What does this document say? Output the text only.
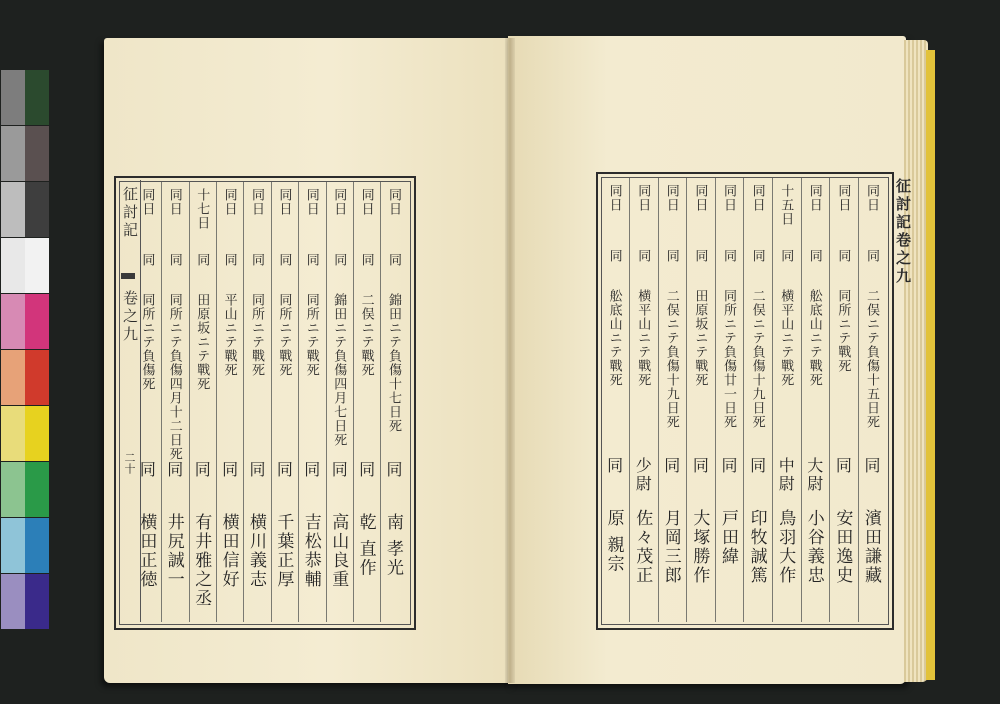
征討記
卷之九
二十
同日
同
錦田ニテ負傷十七日死
同
南 孝光
同日
同
二俣ニテ戰死
同
乾 直作
同日
同
錦田ニテ負傷四月七日死
同
高山良重
同日
同
同所ニテ戰死
同
吉松恭輔
同日
同
同所ニテ戰死
同
千葉正厚
同日
同
同所ニテ戰死
同
横川義志
同日
同
平山ニテ戰死
同
横田信好
十七日
同
田原坂ニテ戰死
同
有井雅之丞
同日
同
同所ニテ負傷四月十二日死
同
井尻誠一
同日
同
同所ニテ負傷死
同
横田正徳
征討記卷之九
同日
同
二俣ニテ負傷十五日死
同
濱田謙藏
同日
同
同所ニテ戰死
同
安田逸史
同日
同
舩底山ニテ戰死
大尉
小谷義忠
十五日
同
横平山ニテ戰死
中尉
鳥羽大作
同日
同
二俣ニテ負傷十九日死
同
印牧誠篤
同日
同
同所ニテ負傷廿一日死
同
戸田緯
同日
同
田原坂ニテ戰死
同
大塚勝作
同日
同
二俣ニテ負傷十九日死
同
月岡三郎
同日
同
横平山ニテ戰死
少尉
佐々茂正
同日
同
舩底山ニテ戰死
同
原 親宗
